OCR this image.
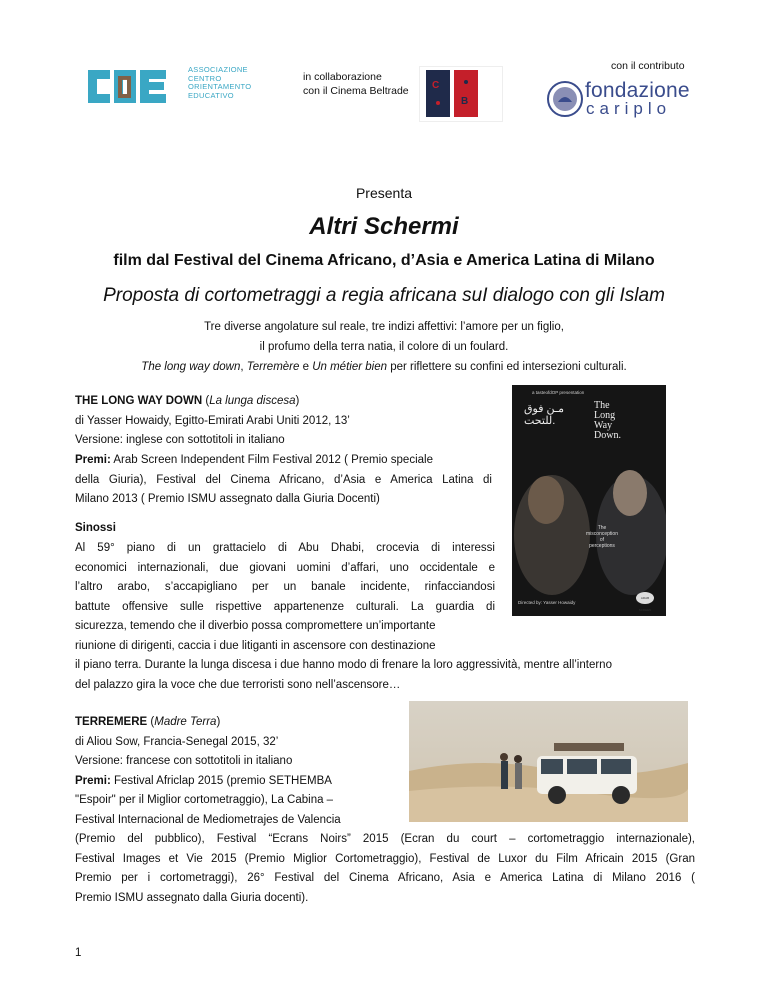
ASSOCIAZIONE
CENTRO
ORIENTAMENTO
EDUCATIVO
in collaborazione
con il Cinema Beltrade C
B
con il contributo
fondazione
cariplo
Presenta
Altri Schermi
film dal Festival del Cinema Africano, d’Asia e America Latina di Milano
Proposta di cortometraggi a regia africana suI dialogo con gli Islam
Tre diverse angolature sul reale, tre indizi affettivi: l’amore per un figlio,
il profumo della terra natia, il colore di un foulard.
The long way down, Terremère e Un métier bien per riflettere su confini ed intersezioni culturali.
THE LONG WAY DOWN (La lunga discesa)
di Yasser Howaidy, Egitto-Emirati Arabi Uniti 2012, 13’
Versione: inglese con sottotitoli in italiano
Premi: Arab Screen Independent Film Festival 2012 ( Premio speciale
della Giuria), Festival del Cinema Africano, d’Asia e America Latina di
Milano 2013 ( Premio ISMU assegnato dalla Giuria Docenti)
Sinossi
Al 59° piano di un grattacielo di Abu Dhabi, crocevia di interessi
economici internazionali, due giovani uomini d’affari, uno occidentale e
l’altro arabo, s’accapigliano per un banale incidente, rinfacciandosi
battute offensive sulle rispettive appartenenze culturali. La guardia di
sicurezza, temendo che il diverbio possa compromettere un’importante
riunione di dirigenti, caccia i due litiganti in ascensore con destinazione
il piano terra. Durante la lunga discesa i due hanno modo di frenare la loro aggressività, mentre all’interno
del palazzo gira la voce che due terroristi sono nell’ascensore…
a tasteofdOP presentation
مـن فوق للتحت.
The
Long
Way
Down.
The
misconception
of
perceptions
Directed by: Yasser Howaidy
ARAB SCREEN
TERREMERE (Madre Terra)
di Aliou Sow, Francia-Senegal 2015, 32’
Versione: francese con sottotitoli in italiano
Premi: Festival Africlap 2015 (premio SETHEMBA
"Espoir" per il Miglior cortometraggio), La Cabina –
Festival Internacional de Mediometrajes de Valencia
(Premio del pubblico), Festival “Ecrans Noirs” 2015 (Ecran du court – cortometraggio internazionale),
Festival Images et Vie 2015 (Premio Miglior Cortometraggio), Festival de Luxor du Film Africain 2015 (Gran
Premio per i cortometraggi), 26° Festival del Cinema Africano, Asia e America Latina di Milano 2016 (
Premio ISMU assegnato dalla Giuria docenti).
1
